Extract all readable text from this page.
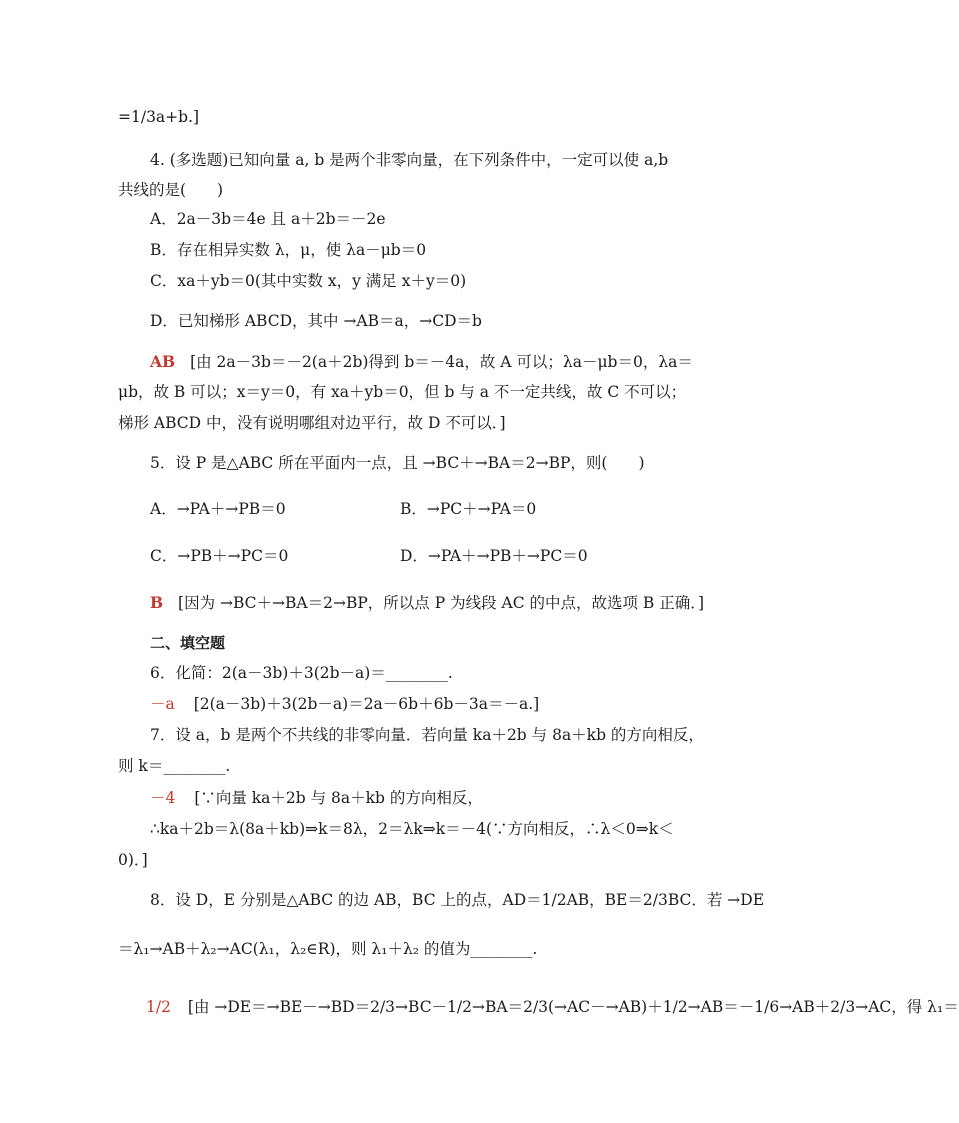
=1/3a+b.]
4. (多选题)已知向量 a, b 是两个非零向量，在下列条件中，一定可以使 a,b
共线的是(　　)
A．2a－3b＝4e 且 a＋2b＝－2e
B．存在相异实数 λ，μ，使 λa－μb＝0
C．xa＋yb＝0(其中实数 x，y 满足 x＋y＝0)
D．已知梯形 ABCD，其中 →AB＝a，→CD＝b
AB [由 2a－3b＝－2(a＋2b)得到 b＝－4a，故 A 可以；λa－μb＝0，λa＝
μb，故 B 可以；x＝y＝0，有 xa＋yb＝0，但 b 与 a 不一定共线，故 C 不可以；
梯形 ABCD 中，没有说明哪组对边平行，故 D 不可以．]
5．设 P 是△ABC 所在平面内一点，且 →BC＋→BA＝2→BP，则(　　)
A．→PA＋→PB＝0	B．→PC＋→PA＝0
C．→PB＋→PC＝0	D．→PA＋→PB＋→PC＝0
B [因为 →BC＋→BA＝2→BP，所以点 P 为线段 AC 的中点，故选项 B 正确．]
二、填空题
6．化简：2(a－3b)＋3(2b－a)＝________.
－a [2(a－3b)＋3(2b－a)＝2a－6b＋6b－3a＝－a.]
7．设 a，b 是两个不共线的非零向量．若向量 ka＋2b 与 8a＋kb 的方向相反，
则 k＝________.
－4 [∵向量 ka＋2b 与 8a＋kb 的方向相反，
∴ka＋2b＝λ(8a＋kb)⇒k＝8λ，2＝λk⇒k＝－4(∵方向相反，∴λ＜0⇒k＜
0)．]
8．设 D，E 分别是△ABC 的边 AB，BC 上的点，AD＝1/2AB，BE＝2/3BC．若 →DE
＝λ₁→AB＋λ₂→AC(λ₁，λ₂∈R)，则 λ₁＋λ₂ 的值为________.
1/2 [由 →DE＝→BE－→BD＝2/3→BC－1/2→BA＝2/3(→AC－→AB)＋1/2→AB＝－1/6→AB＋2/3→AC，得 λ₁＝
